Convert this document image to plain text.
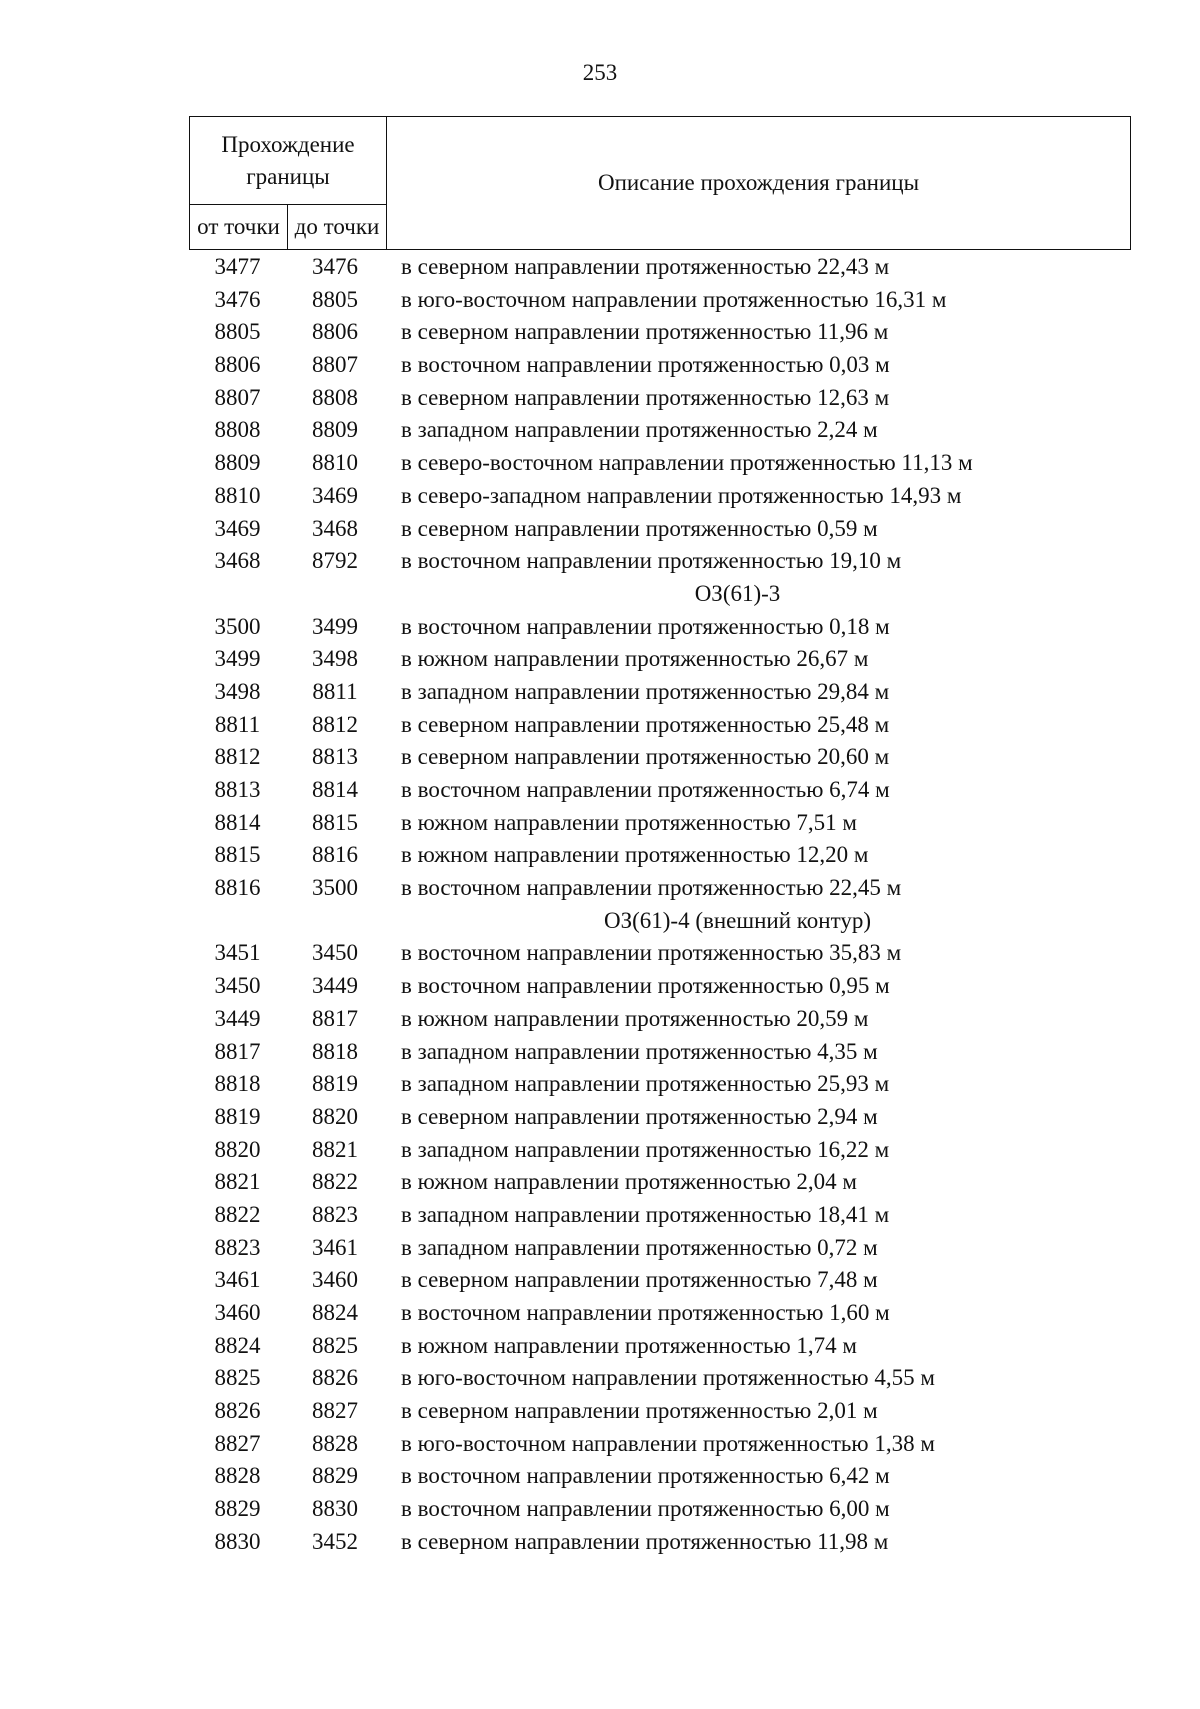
253
Прохождение границы		Описание прохождения границы
от точки	до точки	
3477	3476	в северном направлении протяженностью 22,43 м
3476	8805	в юго-восточном направлении протяженностью 16,31 м
8805	8806	в северном направлении протяженностью 11,96 м
8806	8807	в восточном направлении протяженностью 0,03 м
8807	8808	в северном направлении протяженностью 12,63 м
8808	8809	в западном направлении протяженностью 2,24 м
8809	8810	в северо-восточном направлении протяженностью 11,13 м
8810	3469	в северо-западном направлении протяженностью 14,93 м
3469	3468	в северном направлении протяженностью 0,59 м
3468	8792	в восточном направлении протяженностью 19,10 м
ОЗ(61)-3
3500	3499	в восточном направлении протяженностью 0,18 м
3499	3498	в южном направлении протяженностью 26,67 м
3498	8811	в западном направлении протяженностью 29,84 м
8811	8812	в северном направлении протяженностью 25,48 м
8812	8813	в северном направлении протяженностью 20,60 м
8813	8814	в восточном направлении протяженностью 6,74 м
8814	8815	в южном направлении протяженностью 7,51 м
8815	8816	в южном направлении протяженностью 12,20 м
8816	3500	в восточном направлении протяженностью 22,45 м
ОЗ(61)-4 (внешний контур)
3451	3450	в восточном направлении протяженностью 35,83 м
3450	3449	в восточном направлении протяженностью 0,95 м
3449	8817	в южном направлении протяженностью 20,59 м
8817	8818	в западном направлении протяженностью 4,35 м
8818	8819	в западном направлении протяженностью 25,93 м
8819	8820	в северном направлении протяженностью 2,94 м
8820	8821	в западном направлении протяженностью 16,22 м
8821	8822	в южном направлении протяженностью 2,04 м
8822	8823	в западном направлении протяженностью 18,41 м
8823	3461	в западном направлении протяженностью 0,72 м
3461	3460	в северном направлении протяженностью 7,48 м
3460	8824	в восточном направлении протяженностью 1,60 м
8824	8825	в южном направлении протяженностью 1,74 м
8825	8826	в юго-восточном направлении протяженностью 4,55 м
8826	8827	в северном направлении протяженностью 2,01 м
8827	8828	в юго-восточном направлении протяженностью 1,38 м
8828	8829	в восточном направлении протяженностью 6,42 м
8829	8830	в восточном направлении протяженностью 6,00 м
8830	3452	в северном направлении протяженностью 11,98 м
